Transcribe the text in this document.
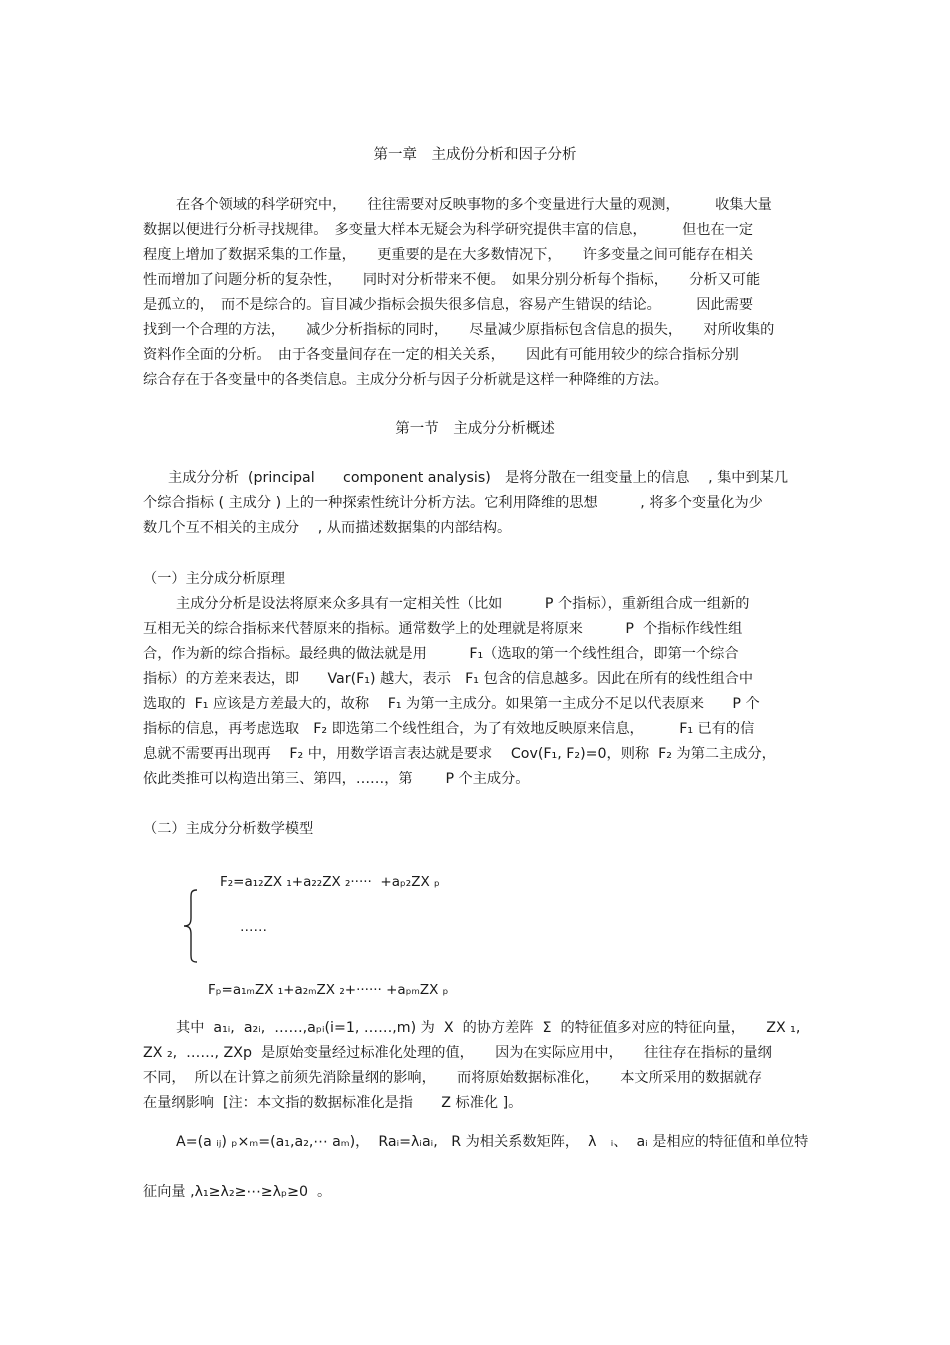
第一章　主成份分析和因子分析
在各个领域的科学研究中，　　往往需要对反映事物的多个变量进行大量的观测，　　　收集大量
数据以便进行分析寻找规律。　多变量大样本无疑会为科学研究提供丰富的信息，　　　但也在一定
程度上增加了数据采集的工作量，　　更重要的是在大多数情况下，　　许多变量之间可能存在相关
性而增加了问题分析的复杂性，　　同时对分析带来不便。　如果分别分析每个指标，　　分析又可能
是孤立的，　而不是综合的。盲目减少指标会损失很多信息，容易产生错误的结论。　　　因此需要
找到一个合理的方法，　　减少分析指标的同时，　　尽量减少原指标包含信息的损失，　　对所收集的
资料作全面的分析。　由于各变量间存在一定的相关关系，　　因此有可能用较少的综合指标分别
综合存在于各变量中的各类信息。主成分分析与因子分析就是这样一种降维的方法。
第一节　主成分分析概述
主成分分析  (principal　　component analysis)　是将分散在一组变量上的信息　 , 集中到某几
个综合指标 ( 主成分 ) 上的一种探索性统计分析方法。它利用降维的思想　　　, 将多个变量化为少
数几个互不相关的主成分　 , 从而描述数据集的内部结构。
（一）主分成分析原理
主成分分析是设法将原来众多具有一定相关性（比如　　　P 个指标），重新组合成一组新的
互相无关的综合指标来代替原来的指标。通常数学上的处理就是将原来　　　P  个指标作线性组
合，作为新的综合指标。最经典的做法就是用　　　F₁（选取的第一个线性组合，即第一个综合
指标）的方差来表达，即　　Var(F₁) 越大，表示　F₁ 包含的信息越多。因此在所有的线性组合中
选取的  F₁ 应该是方差最大的，故称　 F₁ 为第一主成分。如果第一主成分不足以代表原来　　P 个
指标的信息，再考虑选取　F₂ 即选第二个线性组合，为了有效地反映原来信息，　　　F₁ 已有的信
息就不需要再出现再　 F₂ 中，用数学语言表达就是要求　 Cov(F₁, F₂)=0，则称  F₂ 为第二主成分，
依此类推可以构造出第三、第四，……，第　　 P 个主成分。
（二）主成分分析数学模型
F₂=a₁₂ZX ₁+a₂₂ZX ₂·····  +aₚ₂ZX ₚ
……
Fₚ=a₁ₘZX ₁+a₂ₘZX ₂+······ +aₚₘZX ₚ
其中  a₁ᵢ,  a₂ᵢ,  ……,aₚᵢ(i=1, ……,m) 为  X  的协方差阵  Σ  的特征值多对应的特征向量，　　ZX ₁,
ZX ₂,  ……, ZXp  是原始变量经过标准化处理的值，　　因为在实际应用中，　　往往存在指标的量纲
不同，  所以在计算之前须先消除量纲的影响，　　而将原始数据标准化，　　本文所采用的数据就存
在量纲影响  [注：本文指的数据标准化是指　　Z 标准化 ]。
A=(a ᵢⱼ) ₚ×ₘ=(a₁,a₂,⋯ aₘ)，  Raᵢ=λᵢaᵢ,   R 为相关系数矩阵，  λ　ᵢ、  aᵢ 是相应的特征值和单位特
征向量 ,λ₁≥λ₂≥⋯≥λₚ≥0  。
